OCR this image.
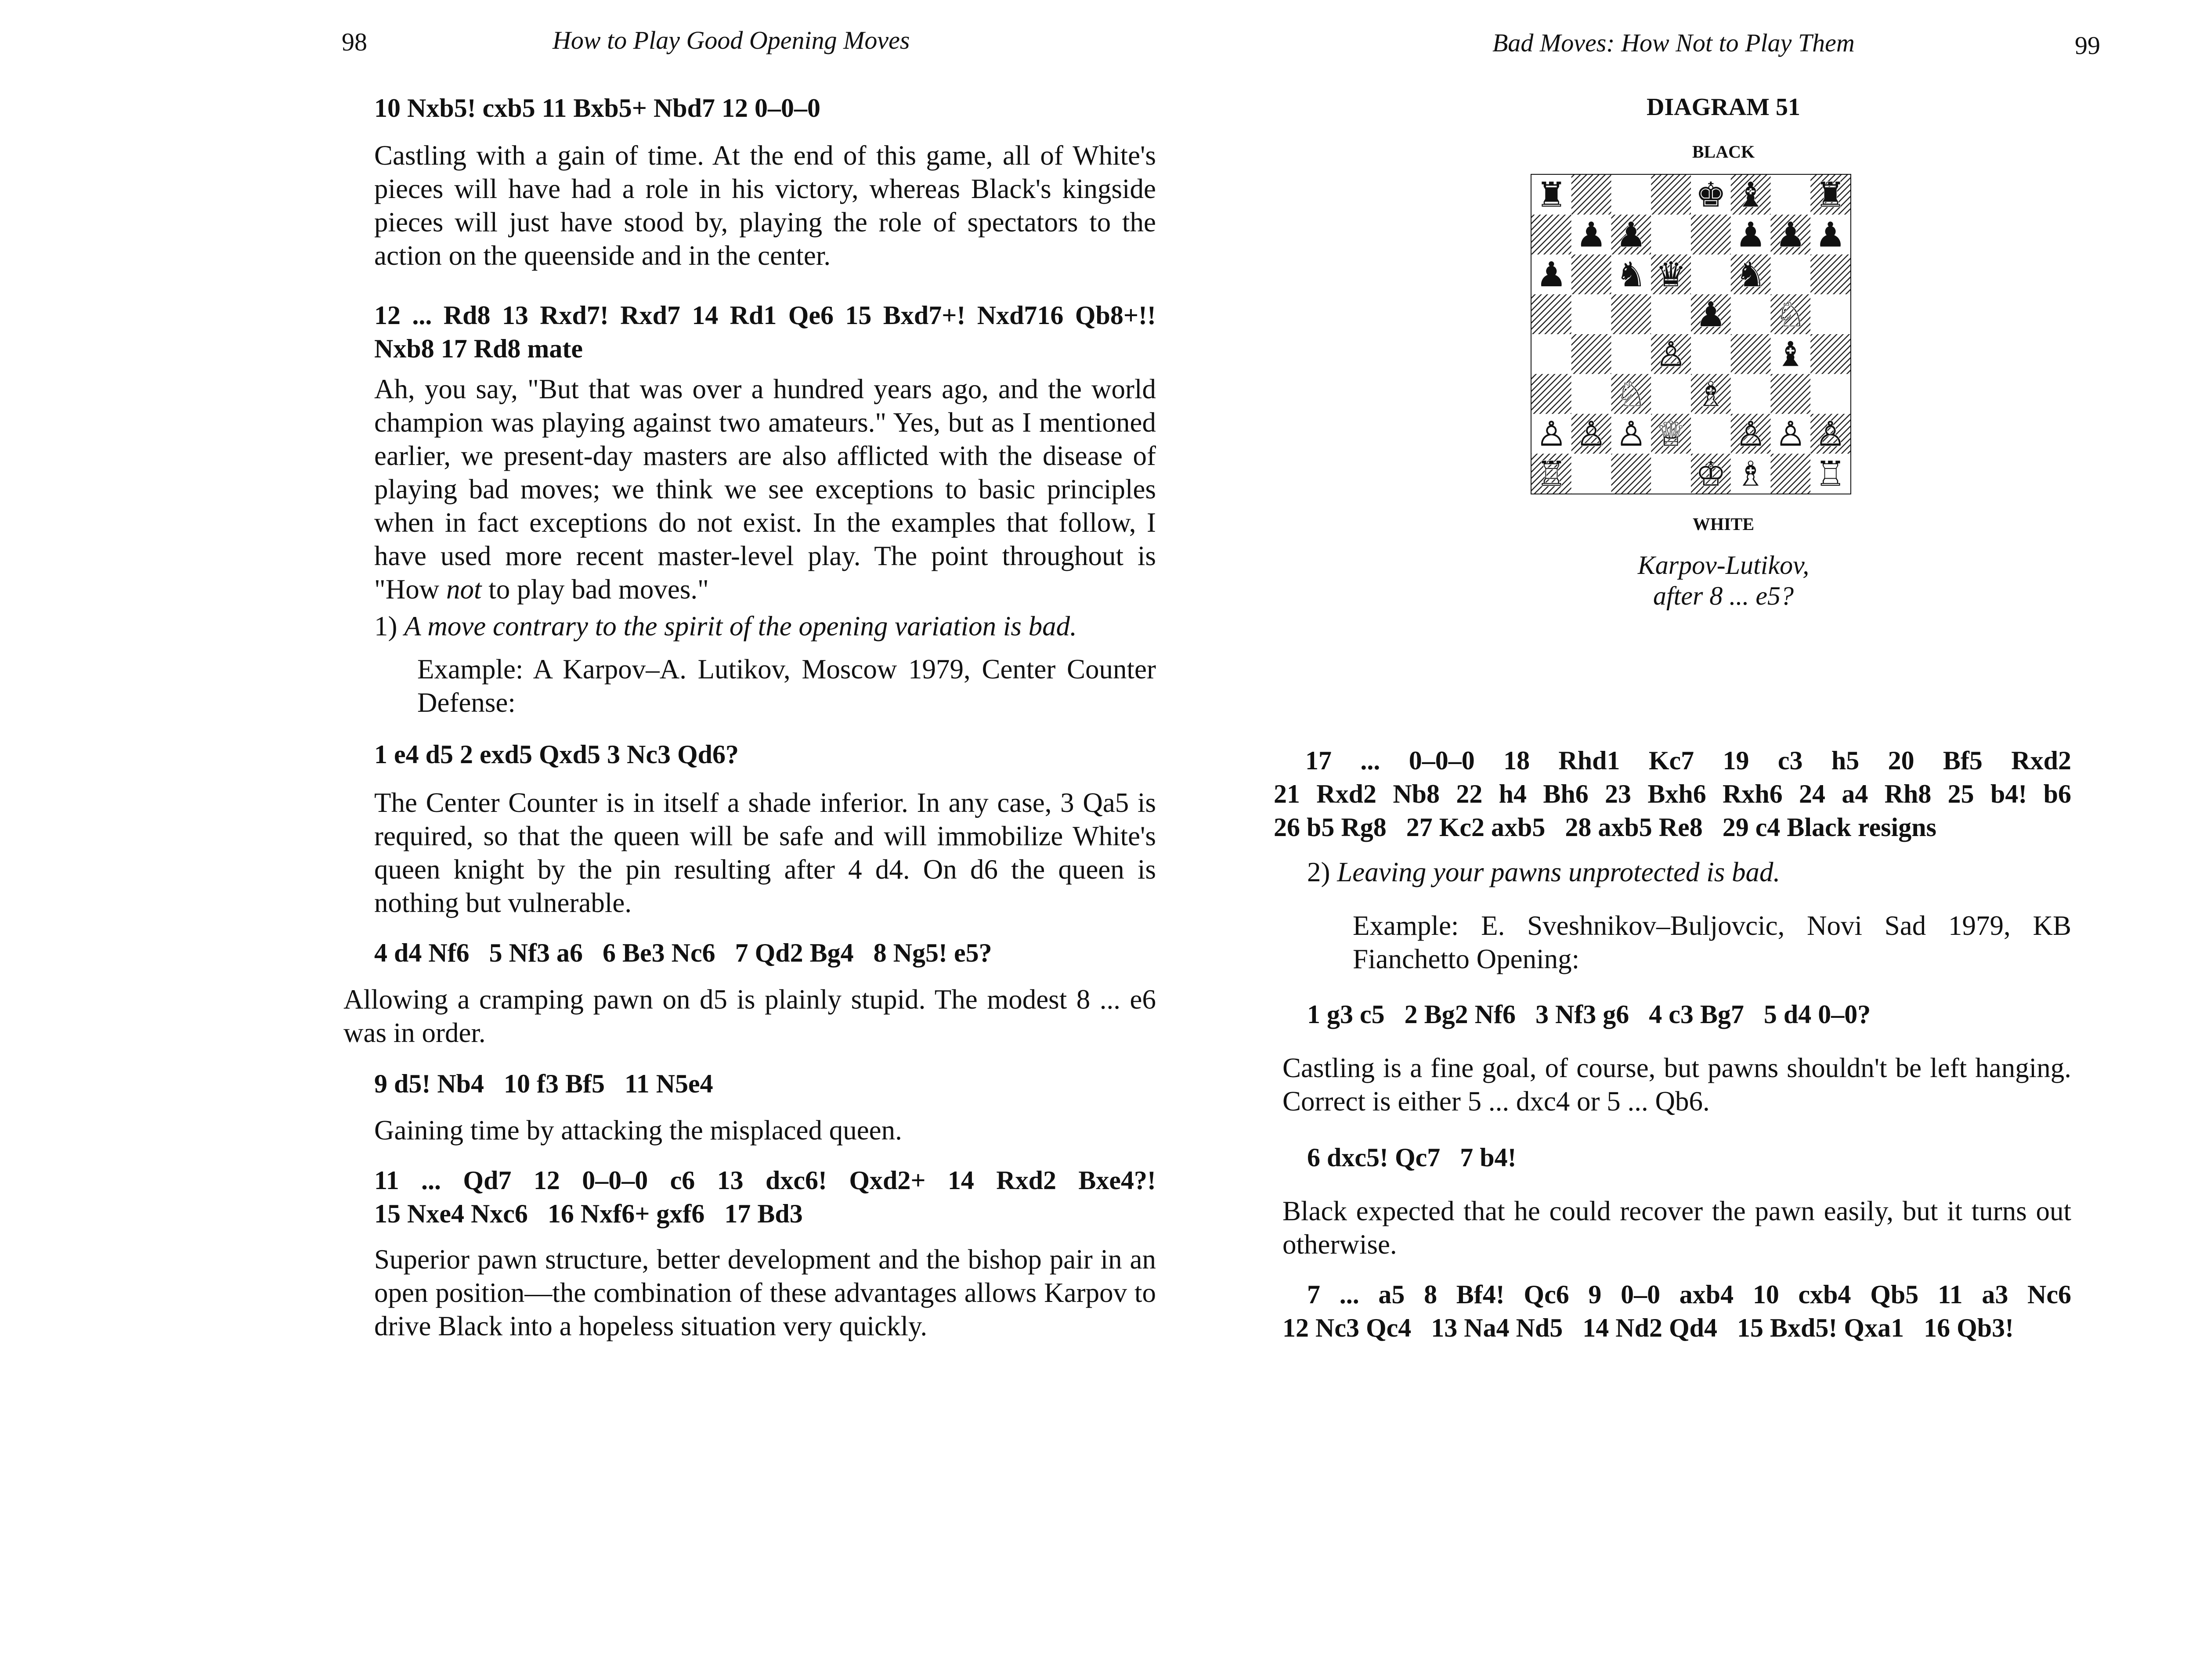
98	How to Play Good Opening Moves
10 Nxb5! cxb5 11 Bxb5+ Nbd7 12 0–0–0
Castling with a gain of time. At the end of this game, all of White's pieces will have had a role in his victory, whereas Black's kingside pieces will just have stood by, playing the role of spectators to the action on the queenside and in the center.
12 ... Rd8 13 Rxd7! Rxd7 14 Rd1 Qe6 15 Bxd7+! Nxd716 Qb8+!!
Nxb8 17 Rd8 mate
Ah, you say, "But that was over a hundred years ago, and the world champion was playing against two amateurs." Yes, but as I mentioned earlier, we present-day masters are also afflicted with the disease of playing bad moves; we think we see exceptions to basic principles when in fact exceptions do not exist. In the examples that follow, I have used more recent master-level play. The point throughout is "How not to play bad moves."
1) A move contrary to the spirit of the opening variation is bad.
Example: A Karpov–A. Lutikov, Moscow 1979, Center Counter Defense:
1 e4 d5 2 exd5 Qxd5 3 Nc3 Qd6?
The Center Counter is in itself a shade inferior. In any case, 3 Qa5 is required, so that the queen will be safe and will immobilize White's queen knight by the pin resulting after 4 d4. On d6 the queen is nothing but vulnerable.
4 d4 Nf6   5 Nf3 a6   6 Be3 Nc6   7 Qd2 Bg4   8 Ng5! e5?
Allowing a cramping pawn on d5 is plainly stupid. The modest 8 ... e6 was in order.
9 d5! Nb4   10 f3 Bf5   11 N5e4
Gaining time by attacking the misplaced queen.
11 ... Qd7 12 0–0–0 c6 13 dxc6! Qxd2+ 14 Rxd2 Bxe4?!
15 Nxe4 Nxc6   16 Nxf6+ gxf6   17 Bd3
Superior pawn structure, better development and the bishop pair in an open position—the combination of these advantages allows Karpov to drive Black into a hopeless situation very quickly.
Bad Moves: How Not to Play Them	99
DIAGRAM 51
BLACK
♜	♚ ♝ ♜
♟ ♟	♟ ♟ ♟
♟ ♞ ♛ ♞
♟ ♘
♙	♝
♘ ♗
♙ ♙ ♙ ♕ ♙ ♙ ♙
♖	♔ ♗ ♖
WHITE
Karpov-Lutikov,
after 8 ... e5?
17 ... 0–0–0 18 Rhd1 Kc7 19 c3 h5 20 Bf5 Rxd2
21 Rxd2 Nb8 22 h4 Bh6 23 Bxh6 Rxh6 24 a4 Rh8 25 b4! b6
26 b5 Rg8   27 Kc2 axb5   28 axb5 Re8   29 c4 Black resigns
2) Leaving your pawns unprotected is bad.
Example: E. Sveshnikov–Buljovcic, Novi Sad 1979, KB Fianchetto Opening:
1 g3 c5   2 Bg2 Nf6   3 Nf3 g6   4 c3 Bg7   5 d4 0–0?
Castling is a fine goal, of course, but pawns shouldn't be left hanging. Correct is either 5 ... dxc4 or 5 ... Qb6.
6 dxc5! Qc7   7 b4!
Black expected that he could recover the pawn easily, but it turns out otherwise.
7 ... a5 8 Bf4! Qc6 9 0–0 axb4 10 cxb4 Qb5 11 a3 Nc6
12 Nc3 Qc4   13 Na4 Nd5   14 Nd2 Qd4   15 Bxd5! Qxa1   16 Qb3!
